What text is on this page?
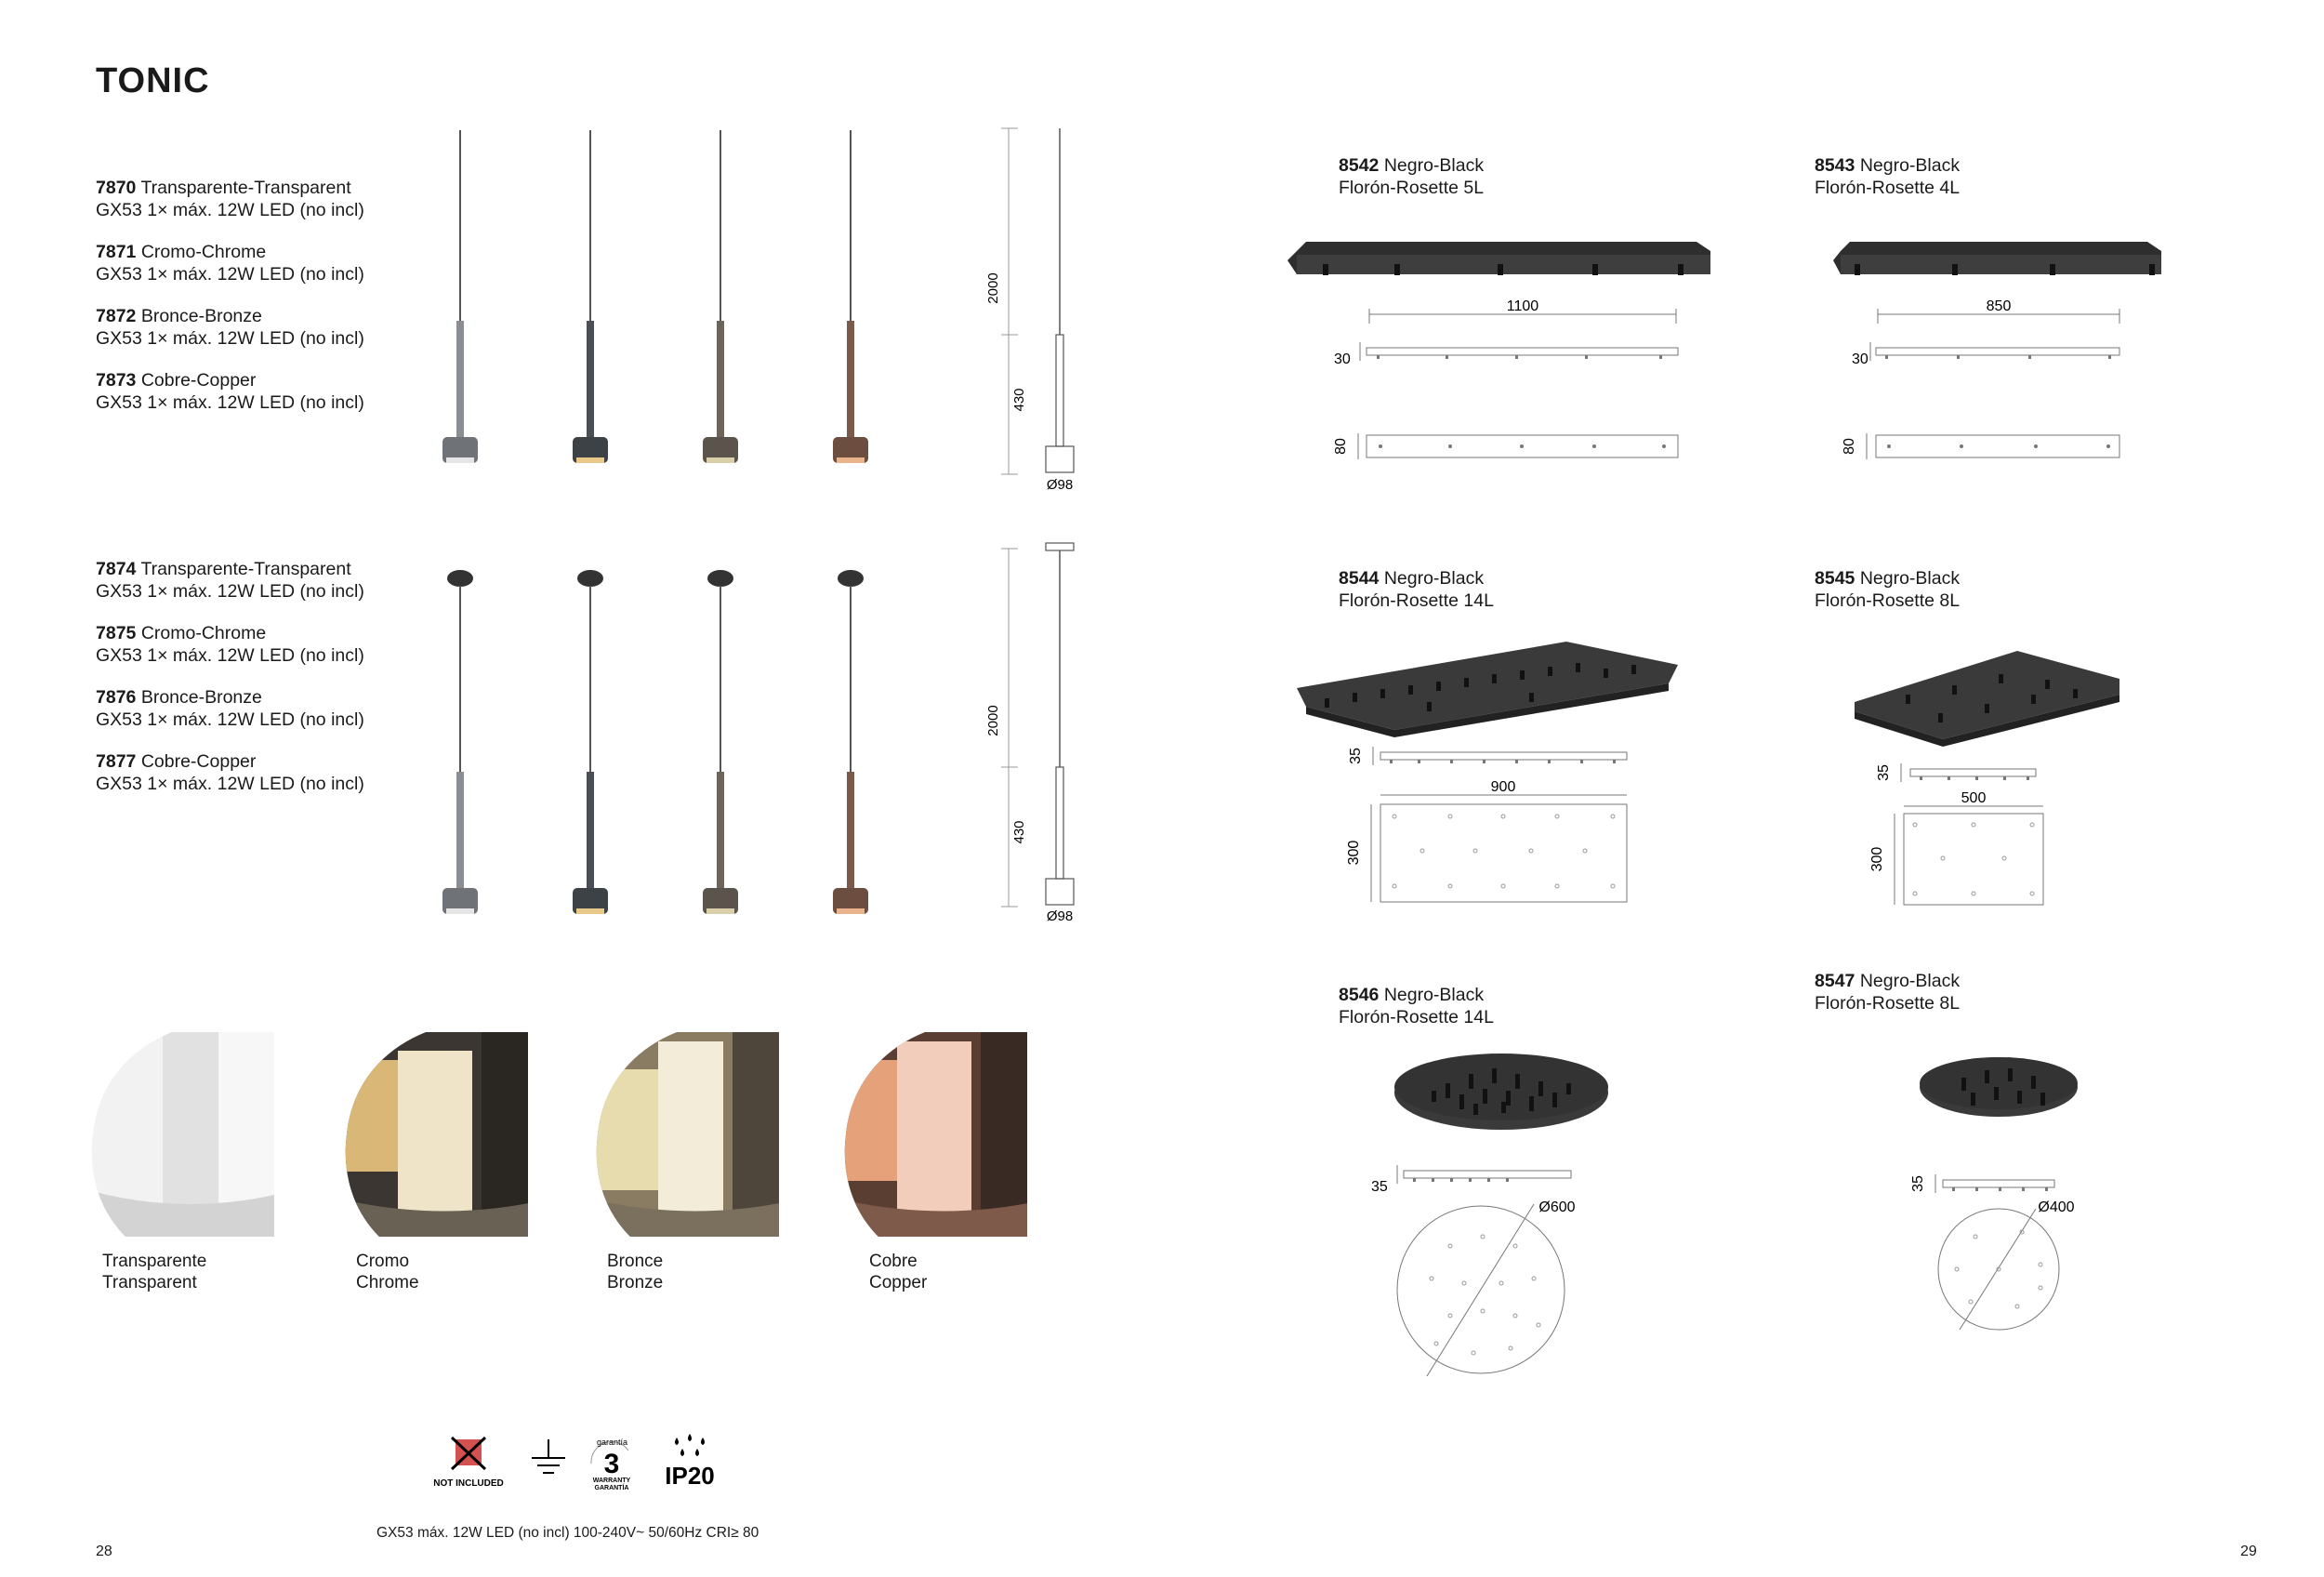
TONIC
7870 Transparente-Transparent
GX53 1× máx. 12W LED (no incl)
7871 Cromo-Chrome
GX53 1× máx. 12W LED (no incl)
7872 Bronce-Bronze
GX53 1× máx. 12W LED (no incl)
7873 Cobre-Copper
GX53 1× máx. 12W LED (no incl)
7874 Transparente-Transparent
GX53 1× máx. 12W LED (no incl)
7875 Cromo-Chrome
GX53 1× máx. 12W LED (no incl)
7876 Bronce-Bronze
GX53 1× máx. 12W LED (no incl)
7877 Cobre-Copper
GX53 1× máx. 12W LED (no incl)
2000
430
Ø98
2000
430
Ø98
Transparente
Transparent
Cromo
Chrome
Bronce
Bronze
Cobre
Copper
NOT INCLUDED
garantía
3
WARRANTY
GARANTÍA IP20
GX53 máx. 12W LED (no incl) 100-240V~ 50/60Hz CRI≥ 80
28	29
8542 Negro-Black
Florón-Rosette 5L
8543 Negro-Black
Florón-Rosette 4L
8544 Negro-Black
Florón-Rosette 14L
8545 Negro-Black
Florón-Rosette 8L
8546 Negro-Black
Florón-Rosette 14L
8547 Negro-Black
Florón-Rosette 8L
1100
30
80
850
30
80
35
900
300
35
500
300
35
Ø600
35
Ø400
